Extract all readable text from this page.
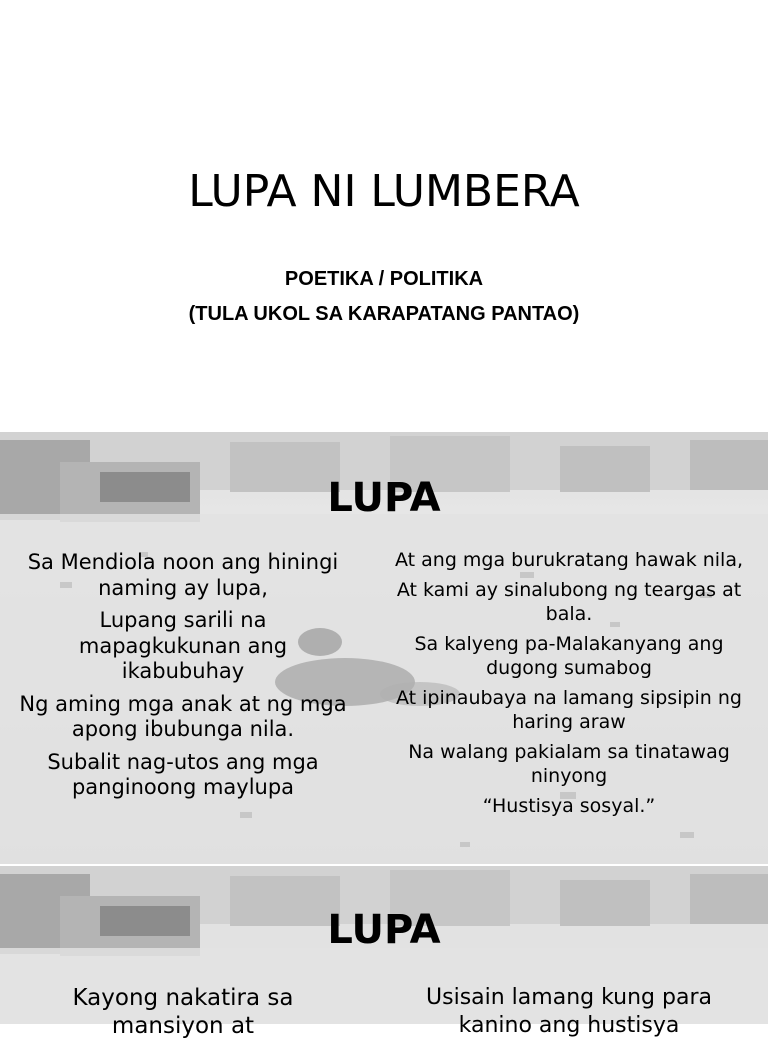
LUPA NI LUMBERA
POETIKA / POLITIKA
(TULA UKOL SA KARAPATANG PANTAO)
LUPA

Sa Mendiola noon ang hiningi naming ay lupa,

Lupang sarili na mapagkukunan ang ikabubuhay

Ng aming mga anak at ng mga apong ibubunga nila.

Subalit nag-utos ang mga panginoong maylupa

At ang mga burukratang hawak nila,

At kami ay sinalubong ng teargas at bala.

Sa kalyeng pa-Malakanyang ang dugong sumabog

At ipinaubaya na lamang sipsipin ng haring araw

Na walang pakialam sa tinatawag ninyong

“Hustisya sosyal.”

LUPA

Kayong nakatira sa mansiyon at

Usisain lamang kung para kanino ang hustisya
